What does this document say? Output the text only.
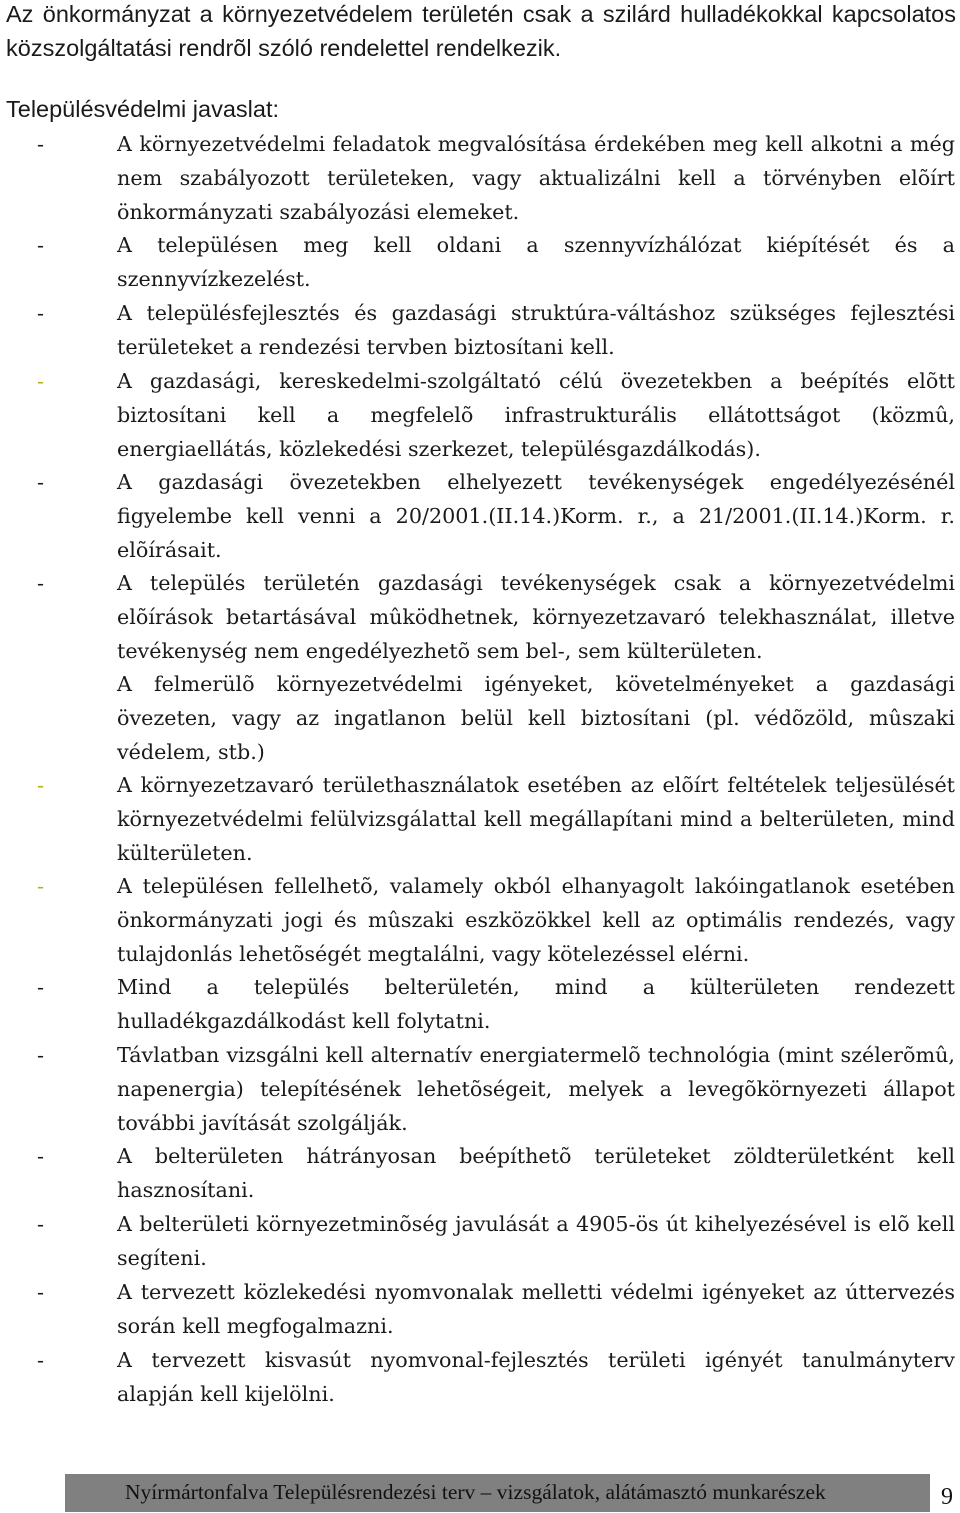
Az önkormányzat a környezetvédelem területén csak a szilárd hulladékokkal kapcsolatos közszolgáltatási rendrõl szóló rendelettel rendelkezik.
Településvédelmi javaslat:
-	A környezetvédelmi feladatok megvalósítása érdekében meg kell alkotni a még nem szabályozott területeken, vagy aktualizálni kell a törvényben elõírt önkormányzati szabályozási elemeket.
-	A településen meg kell oldani a szennyvízhálózat kiépítését és a szennyvízkezelést.
-	A településfejlesztés és gazdasági struktúra-váltáshoz szükséges fejlesztési területeket a rendezési tervben biztosítani kell.
-	A gazdasági, kereskedelmi-szolgáltató célú övezetekben a beépítés elõtt biztosítani kell a megfelelõ infrastrukturális ellátottságot (közmû, energiaellátás, közlekedési szerkezet, településgazdálkodás).
-	A gazdasági övezetekben elhelyezett tevékenységek engedélyezésénél figyelembe kell venni a 20/2001.(II.14.)Korm. r., a 21/2001.(II.14.)Korm. r. elõírásait.
-	A település területén gazdasági tevékenységek csak a környezetvédelmi elõírások betartásával mûködhetnek, környezetzavaró telekhasználat, illetve tevékenység nem engedélyezhetõ sem bel-, sem külterületen.
A felmerülõ környezetvédelmi igényeket, követelményeket a gazdasági övezeten, vagy az ingatlanon belül kell biztosítani (pl. védõzöld, mûszaki védelem, stb.)
-	A környezetzavaró területhasználatok esetében az elõírt feltételek teljesülését környezetvédelmi felülvizsgálattal kell megállapítani mind a belterületen, mind külterületen.
-	A településen fellelhetõ, valamely okból elhanyagolt lakóingatlanok esetében önkormányzati jogi és mûszaki eszközökkel kell az optimális rendezés, vagy tulajdonlás lehetõségét megtalálni, vagy kötelezéssel elérni.
-	Mind a település belterületén, mind a külterületen rendezett hulladékgazdálkodást kell folytatni.
-	Távlatban vizsgálni kell alternatív energiatermelõ technológia (mint szélerõmû, napenergia) telepítésének lehetõségeit, melyek a levegõkörnyezeti állapot további javítását szolgálják.
-	A belterületen hátrányosan beépíthetõ területeket zöldterületként kell hasznosítani.
-	A belterületi környezetminõség javulását a 4905-ös út kihelyezésével is elõ kell segíteni.
-	A tervezett közlekedési nyomvonalak melletti védelmi igényeket az úttervezés során kell megfogalmazni.
-	A tervezett kisvasút nyomvonal-fejlesztés területi igényét tanulmányterv alapján kell kijelölni.
Nyírmártonfalva Településrendezési terv – vizsgálatok, alátámasztó munkarészek	9
